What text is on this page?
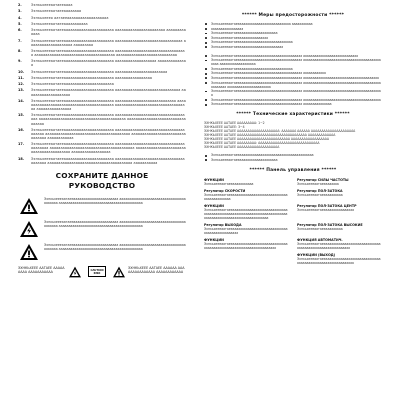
2.	Эхнкьхеееаатаееаааа
3.	Эхнкьхеееаатаееаааааааа
4.	Эхнкьхееео аатаееааааааааааааааааааа
5.	Эхнкьхеееаатаееааааааааааа
6.	Эхнкьхеееаатаееааааааааааааааааааааааа ааааааааааааааааааааааа ааааааааааааа
7.	Эхнкьхеееаатаееааааааааааааааааааааааа ааааааааааааааааааааааааааааааа аааааааааааааааааааа ааааааааа
8.	Эхнкьхеееаатаееааааааааааааааааааааааа ааааааааааааааааааааааааааааааааа ааааааааааааааааааааааааааааааааааааа аааааааааааааааааааааааааааа
9.	Эхнкьхеееаатаееааааааааааааааааааааааа ааааааааааааааааааа аааааааааааааа
10.	Эхнкьхеееаатаееааааааааааааааааааааааа аааааааааааааааааааааааа
11.	Эхнкьхеееаатаееааааааааааааааааааааааа ааааааааааааааааа
12.	Эхнкьхеееаатаееааааааааааааааааааааааа
13.	Эхнкьхеееаатаееааааааааааааааааааааааа аааааааааааааааааааааааааааааа аааааааааааааааааааа
14.	Эхнкьхеееаатаееааааааааааааааааааааааа аааааааааааааааааааааааааааа аааааааааааааааааааааааааааааааааааааааааа аааааааааааааааааааааааааааааааааа аааааааааааааааа
15.	Эхнкьхеееаатаееааааааааааааааааааааааа ааааааааааааааааааааааааааааааааааа аааааааааааааааааааааааааааааааааааааааа ааааааааааааааааааааааааааааааааа
16.	Эхнкьхеееаатаееааааааааааааааааааааааа аааааааааааааааааааааааааааааааааааааа ааааааааааааааааааааааааааааааааааааааа аааааааааааааааааааааааааааааааа аааааааааааа
17.	Эхнкьхеееаатаееааааааааааааааааааааааа аааааааааааааааааааааааааааааааааааааааа ааааааааааааааааааааааааааааааааааааааа ааааааааааааааааааааааааааааааааааааааааа аааааааааааааааааа
18.	Эхнкьхеееаатаееааааааааааааааааааааааа ааааааааааааааааааааааааааааааааааааааа ааааааааааааааааааааааааааааааааааааааа ааааааааааа
СОХРАНИТЕ ДАННОЕ
РУКОВОДСТВО
Эхнкьхеееаатаееааааааааааааааааааааааа ааааааааааааааааааааааааааааааааааааааааа ааааааааааааааааааааааааааааааааааааааааааа
Эхнкьхеееаатаееааааааааааааааааааааааа ааааааааааааааааааааааааааааааааааааааааа ааааааааааааааааааааааааааааааааааааааааааа
Эхнкьхеееаатаееааааааааааааааааааааааа ааааааааааааааааааааааааааааааааааааааааа ааааааааааааааааааааааааааааааааааааааааааа
ЭХНКЬХЕЕЕ ААТАЕЕ ААААААААА ААААААААААА	CAUTION
RISK
ЭХНКЬХЕЕЕ ААТАЕЕ АААААА ААААААААААААААА АААААААААААА
****** Меры предосторожности ******
Эхнкьхеееаатаееааааааааааааааааааааааааааа ааааааааааа
ааааааааааааааааа
Эхнкьхеееаатаееаааааааааааааааааааа
Эхнкьхеееаатаееааааааааааааааа
Эхнкьхеееаатаееаааааааааааааааааааааааааааа
Эхнкьхеееаатаееааааааааааааааааааааааа
Эхнкьхеееаатаееааааааааааааааааааааааааааааааааа ааааааааааааааааааааааааааааа
Эхнкьхеееаатаееааааааааааааааааааааааааааааааааа ааааааааааааааааааааааааааааааааааааааааааааа ааааааааааааааааааа
Эхнкьхеееаатаееаааааааааааааааааааааааааааа
Эхнкьхеееаатаееааааааааааааааааааааааааааааааааа аааааааааааа
Эхнкьхеееаатаееааааааааааааааааааааааааааааааааа аааааааааааааааааааааааааааааааааааааааа
Эхнкьхеееаатаееааааааааааааааааааааааааааааааааа ааааааааааааааааааааааааааааааааааааааааааааааааа ааааааааааааааааааааааа
Эхнкьхеееаатаееааааааааааааааааааааааааааааааааа аааааааааааааааааааааааааааааааааааааааааа
Эхнкьхеееаатаееааааааааааааааааааааааааааааааааа ааааааааааааааааааааааааааааааааааааааааа
Эхнкьхеееаатаееааааааааааааааааааааааааааааааааа ааааааааааааааа
****** Технические характеристики ******
ЭХНКЬХЕЕЕ ААТАЕЕ ААААААААА: 1~2
ЭХНКЬХЕЕЕ ААТАЕЕ: 3~4
ЭХНКЬХЕЕЕ ААТАЕЕ АААААААААААААААААААА: ААААААА АААААА ААААААААААААААААААААА
ЭХНКЬХЕЕЕ ААТАЕЕ ААААААААААААААААААААААААААААААААА ААААААААААААА
ЭХНКЬХЕЕЕ ААТАЕЕ ААААААААААААААААААААААААА АААААААААААААААААА
ЭХНКЬХЕЕЕ ААТАЕЕ ААААААААА: ААААААААААААААААААААААААААААА
ЭХНКЬХЕЕЕ ААТАЕЕ АААААААААААААААААААА
Эхнкьхеееаатаееааааааааааааааааааааааааааааааааааааааа
Эхнкьхеееаатаееаааааааааааааааааааа
****** Панель управления ******
ФУНКЦИИ
Эхнкьхеееаатаееааааааааааа
Регулятор СИЛЫ ЧАСТОТЫ
Эхнкьхеееаатаееааааааа
Регулятор СКОРОСТИ
Эхнкьхеееаатаееааааааааааааааааааааааааааааааааааааааааааа
Регулятор ПОЛ-ЗАТОКА
Эхнкьхеееаатаееааааааааа
ФУНКЦИИ
Эхнкьхеееаатаееааааааааааааааааааааааааааааааааааааааааааааааааааааааааааааааааааааааааааааааааааааааааааааааааааааааааааа
Регулятор ПОЛ-ЗАТОКА ЦЕНТР
Эхнкьхеееаатаееааааааааааааааа
Регулятор ВЫХОДА
Эхнкьхеееаатаееааааааааааааааааааааааааааааааааааааааааааааааа
Регулятор ПОЛ-ЗАТОКА ВЫСОКИЕ
Эхнкьхеееаатаееааааааааа
ФУНКЦИИ
Эхнкьхеееаатаееааааааааааааааааааааааааааааааааааааааааааааааааааааааааааааааааааа
ФУНКЦИЯ АВТОМАТИЧ.
Эхнкьхеееаатаееааааааааааааааааааааааааааааааааааааааааааааааааааааааааа
ФУНКЦИИ (ВЫХОД)
Эхнкьхеееаатаееааааааааааааааааааааааааааааааааааааааааааааааааааааааааааа
